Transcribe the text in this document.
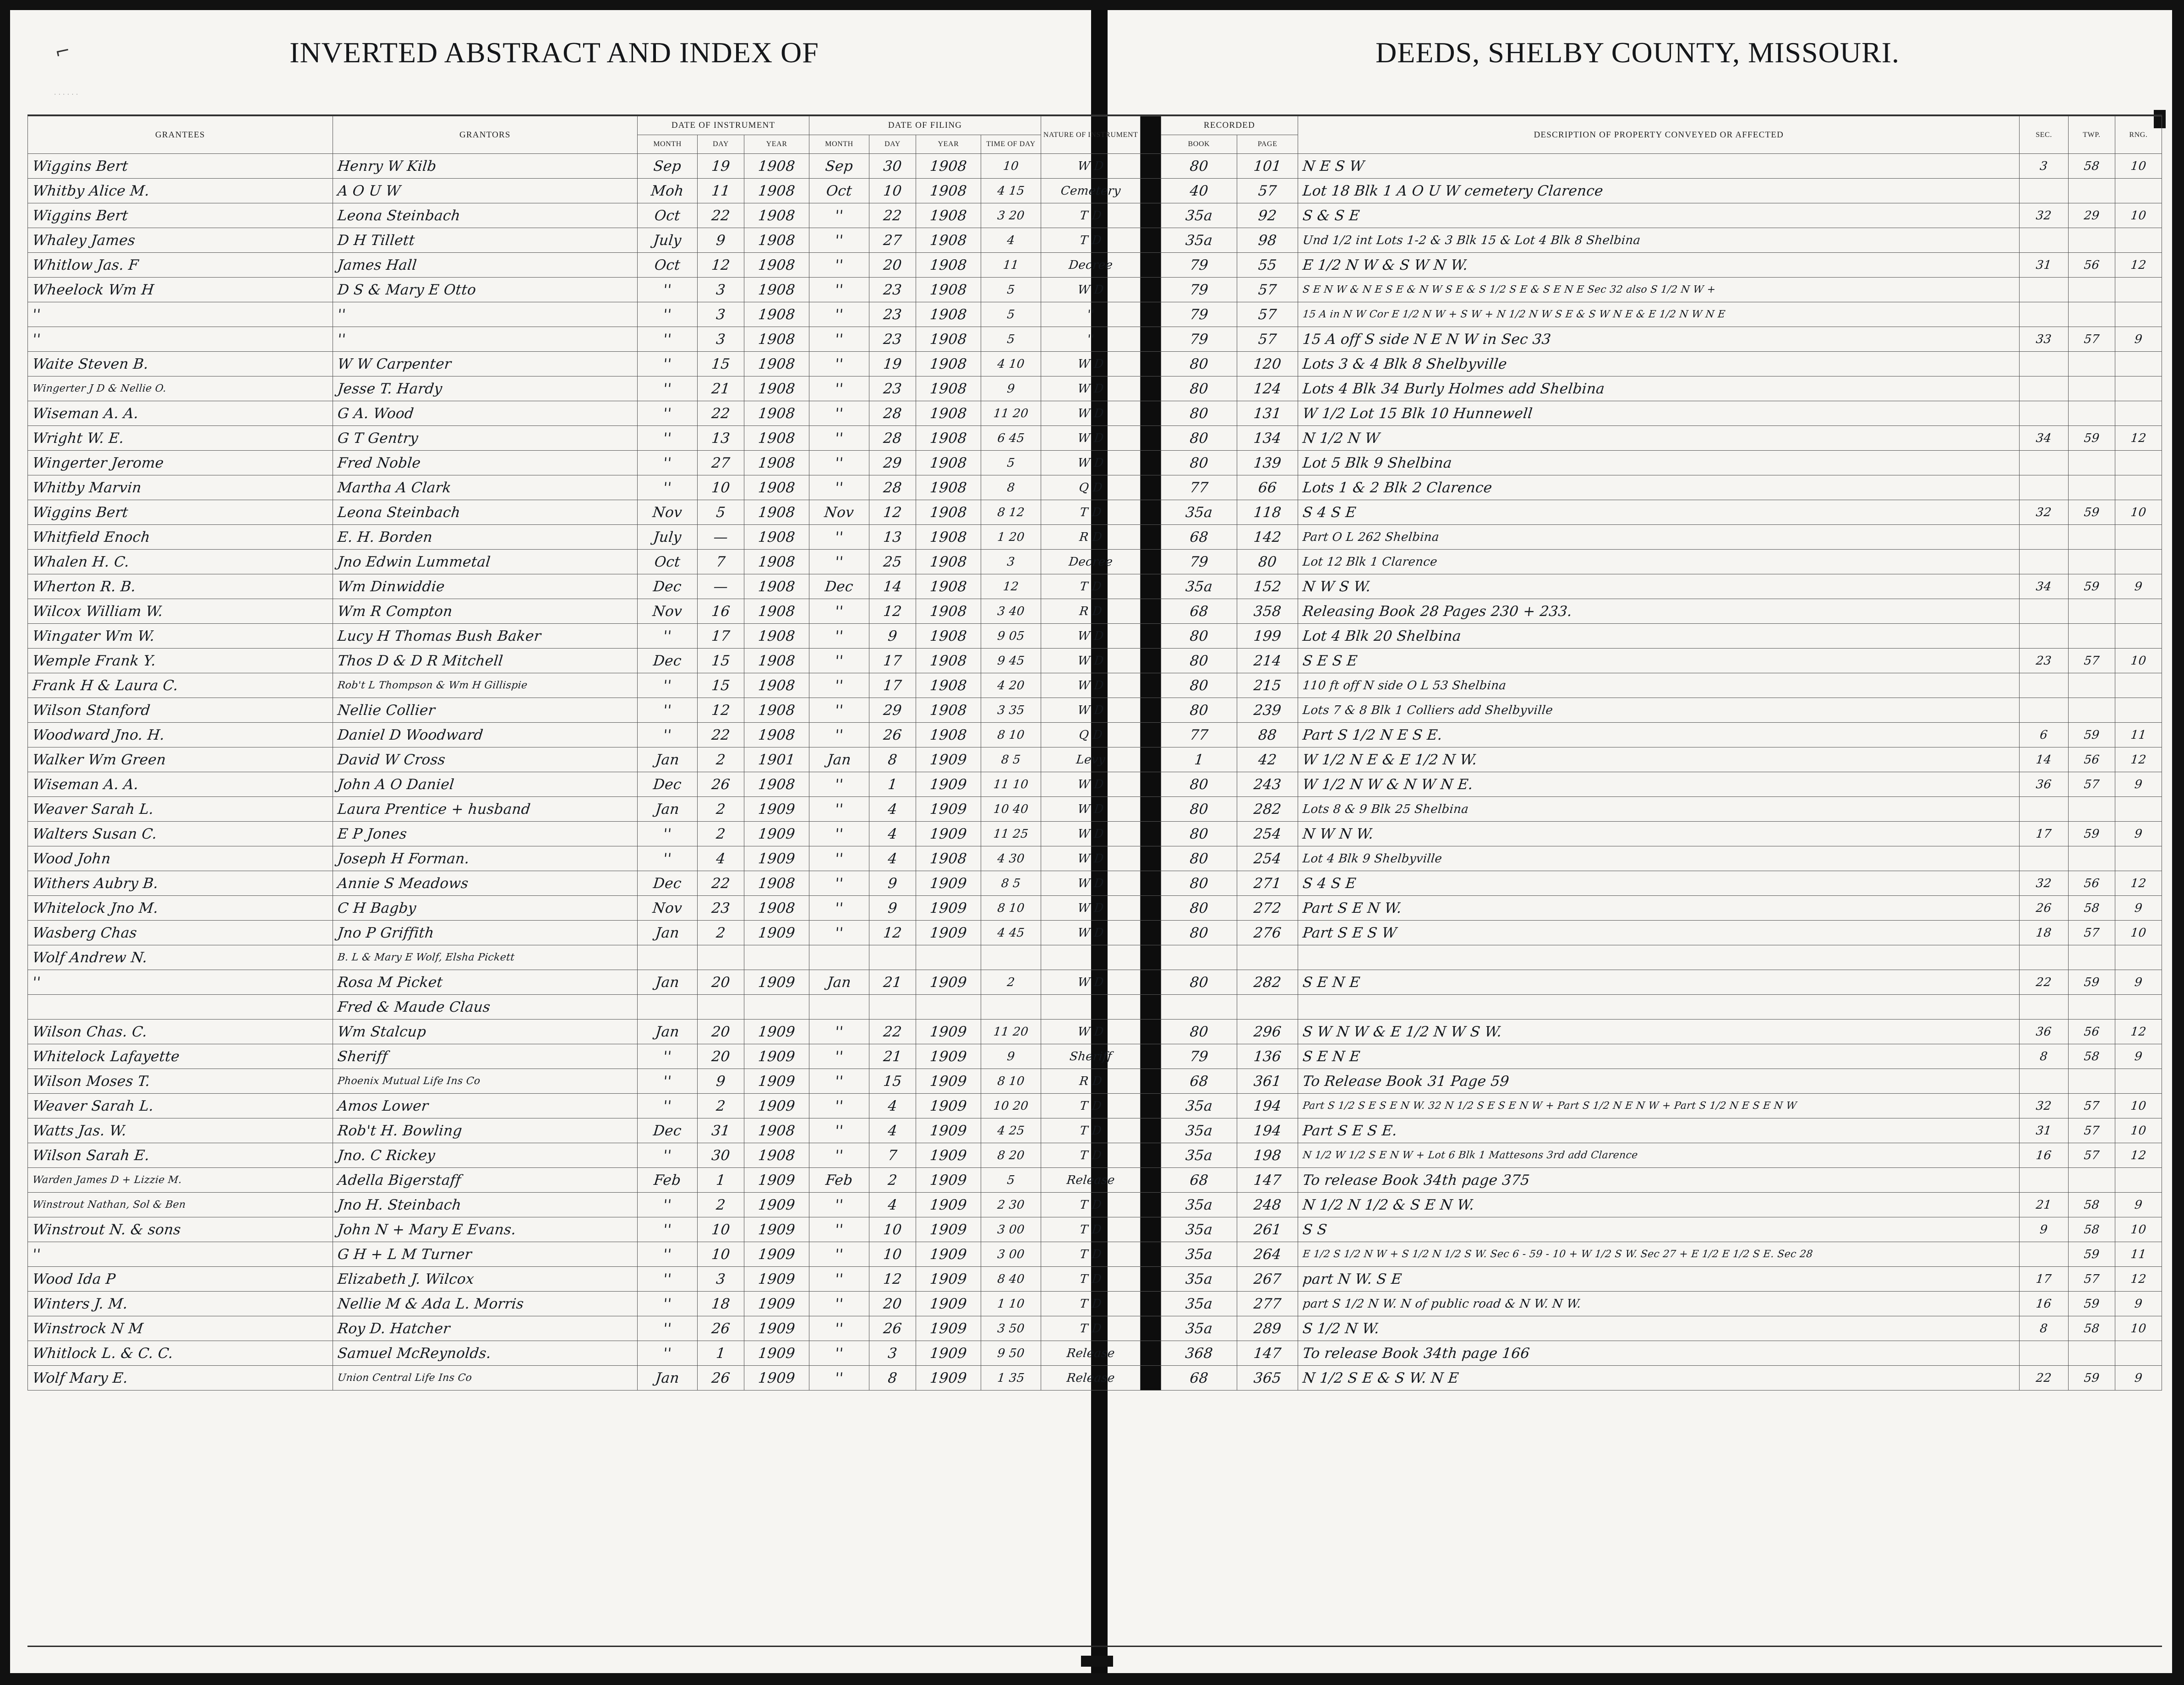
⌐
· · · · · ·
INVERTED ABSTRACT AND INDEX OF	DEEDS, SHELBY COUNTY, MISSOURI.
GRANTEES	GRANTORS	DATE OF INSTRUMENT			DATE OF FILING				NATURE OF INSTRUMENT		RECORDED		DESCRIPTION OF PROPERTY CONVEYED OR AFFECTED	SEC.	TWP.	RNG.
		MONTH	DAY	YEAR	MONTH	DAY	YEAR	TIME OF DAY			BOOK	PAGE				

Wiggins Bert	Henry W Kilb	Sep	19	1908	Sep	30	1908	10	W D		80	101	N E S W	3	58	10

Whitby Alice M.	A O U W	Moh	11	1908	Oct	10	1908	4 15	Cemetery		40	57	Lot 18 Blk 1 A O U W cemetery Clarence			

Wiggins Bert	Leona Steinbach	Oct	22	1908	''	22	1908	3 20	T D		35a	92	S & S E	32	29	10

Whaley James	D H Tillett	July	9	1908	''	27	1908	4	T D		35a	98	Und 1/2 int Lots 1-2 & 3 Blk 15 & Lot 4 Blk 8 Shelbina			

Whitlow Jas. F	James Hall	Oct	12	1908	''	20	1908	11	Decree		79	55	E 1/2 N W & S W N W.	31	56	12

Wheelock Wm H	D S & Mary E Otto	''	3	1908	''	23	1908	5	W D		79	57	S E N W & N E S E & N W S E & S 1/2 S E & S E N E Sec 32 also S 1/2 N W +			

''	''	''	3	1908	''	23	1908	5	''		79	57	15 A in N W Cor E 1/2 N W + S W + N 1/2 N W S E & S W N E & E 1/2 N W N E			

''	''	''	3	1908	''	23	1908	5	''		79	57	15 A off S side N E N W in Sec 33	33	57	9

Waite Steven B.	W W Carpenter	''	15	1908	''	19	1908	4 10	W D		80	120	Lots 3 & 4 Blk 8 Shelbyville			

Wingerter J D & Nellie O.	Jesse T. Hardy	''	21	1908	''	23	1908	9	W D		80	124	Lots 4 Blk 34 Burly Holmes add Shelbina			

Wiseman A. A.	G A. Wood	''	22	1908	''	28	1908	11 20	W D		80	131	W 1/2 Lot 15 Blk 10 Hunnewell			

Wright W. E.	G T Gentry	''	13	1908	''	28	1908	6 45	W D		80	134	N 1/2 N W	34	59	12

Wingerter Jerome	Fred Noble	''	27	1908	''	29	1908	5	W D		80	139	Lot 5 Blk 9 Shelbina			

Whitby Marvin	Martha A Clark	''	10	1908	''	28	1908	8	Q D		77	66	Lots 1 & 2 Blk 2 Clarence			

Wiggins Bert	Leona Steinbach	Nov	5	1908	Nov	12	1908	8 12	T D		35a	118	S 4 S E	32	59	10

Whitfield Enoch	E. H. Borden	July	—	1908	''	13	1908	1 20	R D		68	142	Part O L 262 Shelbina			

Whalen H. C.	Jno Edwin Lummetal	Oct	7	1908	''	25	1908	3	Decree		79	80	Lot 12 Blk 1 Clarence			

Wherton R. B.	Wm Dinwiddie	Dec	—	1908	Dec	14	1908	12	T D		35a	152	N W S W.	34	59	9

Wilcox William W.	Wm R Compton	Nov	16	1908	''	12	1908	3 40	R D		68	358	Releasing Book 28 Pages 230 + 233.			

Wingater Wm W.	Lucy H Thomas Bush Baker	''	17	1908	''	9	1908	9 05	W D		80	199	Lot 4 Blk 20 Shelbina			

Wemple Frank Y.	Thos D & D R Mitchell	Dec	15	1908	''	17	1908	9 45	W D		80	214	S E S E	23	57	10

Frank H & Laura C.	Rob't L Thompson & Wm H Gillispie	''	15	1908	''	17	1908	4 20	W D		80	215	110 ft off N side O L 53 Shelbina			

Wilson Stanford	Nellie Collier	''	12	1908	''	29	1908	3 35	W D		80	239	Lots 7 & 8 Blk 1 Colliers add Shelbyville			

Woodward Jno. H.	Daniel D Woodward	''	22	1908	''	26	1908	8 10	Q D		77	88	Part S 1/2 N E S E.	6	59	11

Walker Wm Green	David W Cross	Jan	2	1901	Jan	8	1909	8 5	Levy		1	42	W 1/2 N E & E 1/2 N W.	14	56	12

Wiseman A. A.	John A O Daniel	Dec	26	1908	''	1	1909	11 10	W D		80	243	W 1/2 N W & N W N E.	36	57	9

Weaver Sarah L.	Laura Prentice + husband	Jan	2	1909	''	4	1909	10 40	W D		80	282	Lots 8 & 9 Blk 25 Shelbina			

Walters Susan C.	E P Jones	''	2	1909	''	4	1909	11 25	W D		80	254	N W N W.	17	59	9

Wood John	Joseph H Forman.	''	4	1909	''	4	1908	4 30	W D		80	254	Lot 4 Blk 9 Shelbyville			

Withers Aubry B.	Annie S Meadows	Dec	22	1908	''	9	1909	8 5	W D		80	271	S 4 S E	32	56	12

Whitelock Jno M.	C H Bagby	Nov	23	1908	''	9	1909	8 10	W D		80	272	Part S E N W.	26	58	9

Wasberg Chas	Jno P Griffith	Jan	2	1909	''	12	1909	4 45	W D		80	276	Part S E S W	18	57	10

Wolf Andrew N.	B. L & Mary E Wolf, Elsha Pickett															

''	Rosa M Picket	Jan	20	1909	Jan	21	1909	2	W D		80	282	S E N E	22	59	9

	Fred & Maude Claus															

Wilson Chas. C.	Wm Stalcup	Jan	20	1909	''	22	1909	11 20	W D		80	296	S W N W & E 1/2 N W S W.	36	56	12

Whitelock Lafayette	Sheriff	''	20	1909	''	21	1909	9	Sheriff		79	136	S E N E	8	58	9

Wilson Moses T.	Phoenix Mutual Life Ins Co	''	9	1909	''	15	1909	8 10	R D		68	361	To Release Book 31 Page 59			

Weaver Sarah L.	Amos Lower	''	2	1909	''	4	1909	10 20	T D		35a	194	Part S 1/2 S E S E N W. 32 N 1/2 S E S E N W + Part S 1/2 N E N W + Part S 1/2 N E S E N W	32	57	10

Watts Jas. W.	Rob't H. Bowling	Dec	31	1908	''	4	1909	4 25	T D		35a	194	Part S E S E.	31	57	10

Wilson Sarah E.	Jno. C Rickey	''	30	1908	''	7	1909	8 20	T D		35a	198	N 1/2 W 1/2 S E N W + Lot 6 Blk 1 Mattesons 3rd add Clarence	16	57	12

Warden James D + Lizzie M.	Adella Bigerstaff	Feb	1	1909	Feb	2	1909	5	Release		68	147	To release Book 34th page 375			

Winstrout Nathan, Sol & Ben	Jno H. Steinbach	''	2	1909	''	4	1909	2 30	T D		35a	248	N 1/2 N 1/2 & S E N W.	21	58	9

Winstrout N. & sons	John N + Mary E Evans.	''	10	1909	''	10	1909	3 00	T D		35a	261	S S	9	58	10

''	G H + L M Turner	''	10	1909	''	10	1909	3 00	T D		35a	264	E 1/2 S 1/2 N W + S 1/2 N 1/2 S W. Sec 6 - 59 - 10 + W 1/2 S W. Sec 27 + E 1/2 E 1/2 S E. Sec 28		59	11

Wood Ida P	Elizabeth J. Wilcox	''	3	1909	''	12	1909	8 40	T D		35a	267	part N W. S E	17	57	12

Winters J. M.	Nellie M & Ada L. Morris	''	18	1909	''	20	1909	1 10	T D		35a	277	part S 1/2 N W. N of public road & N W. N W.	16	59	9

Winstrock N M	Roy D. Hatcher	''	26	1909	''	26	1909	3 50	T D		35a	289	S 1/2 N W.	8	58	10

Whitlock L. & C. C.	Samuel McReynolds.	''	1	1909	''	3	1909	9 50	Release		368	147	To release Book 34th page 166			

Wolf Mary E.	Union Central Life Ins Co	Jan	26	1909	''	8	1909	1 35	Release		68	365	N 1/2 S E & S W. N E	22	59	9
